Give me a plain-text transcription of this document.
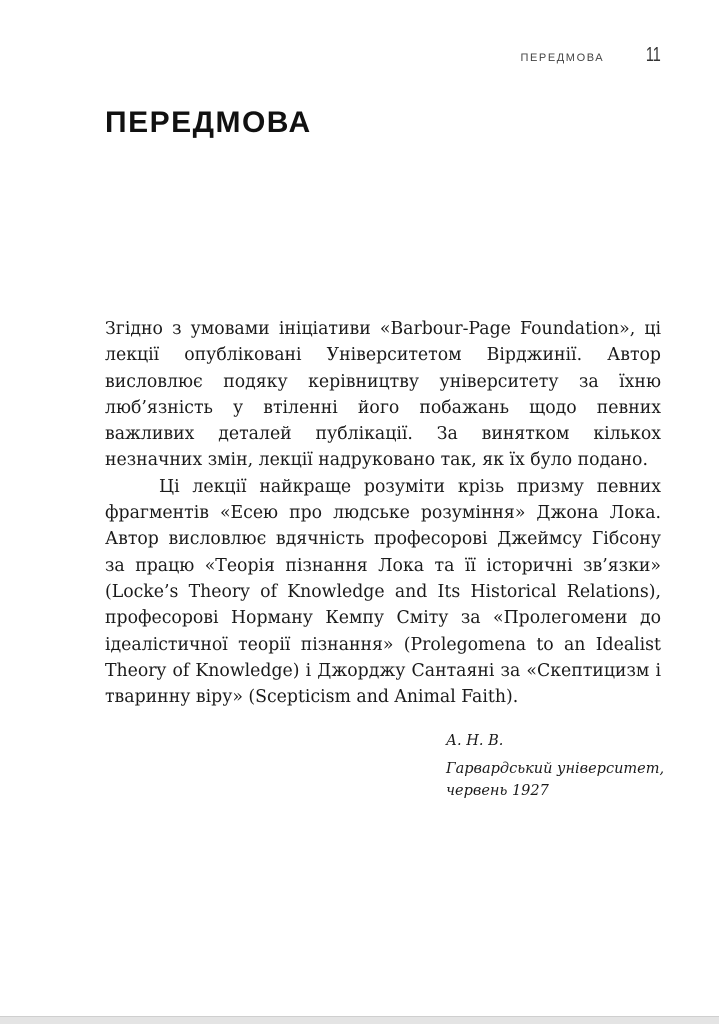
ПЕРЕДМОВА 11
ПЕРЕДМОВА

Згідно з умовами ініціативи «Barbour-Page Foundation», ці лекції опубліковані Університетом Вірджинії. Автор висловлює подяку керівництву університету за їхню люб’язність у втіленні його побажань щодо певних важливих деталей публікації. За винятком кількох незначних змін, лекції надруковано так, як їх було подано.

Ці лекції найкраще розуміти крізь призму певних фрагментів «Есею про людське розуміння» Джона Лока. Автор висловлює вдячність професорові Джеймсу Гібсону за працю «Теорія пізнання Лока та її історичні зв’язки» (Locke’s Theory of Knowledge and Its Historical Relations), професорові Норману Кемпу Сміту за «Пролегомени до ідеалістичної теорії пізнання» (Prolegomena to an Idealist Theory of Knowledge) і Джорджу Сантаяні за «Скептицизм і тваринну віру» (Scepticism and Animal Faith).

А. Н. В.
Гарвардський університет,
червень 1927
